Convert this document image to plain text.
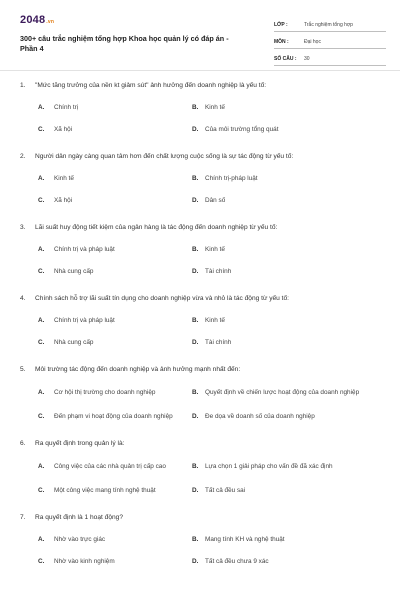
2048.vn
300+ câu trắc nghiệm tổng hợp Khoa học quản lý có đáp án - Phần 4
LỚP :	Trắc nghiệm tổng hợp
MÔN :	Đại học
SỐ CÂU :	30
1.	"Mức tăng trưởng của nền kt giảm sút" ảnh hưởng đến doanh nghiệp là yếu tố:
A.	Chính trị	B.	Kinh tế
C.	Xã hội	D.	Của môi trường tổng quát
2.	Người dân ngày càng quan tâm hơn đến chất lượng cuộc sống là sự tác động từ yếu tố:
A.	Kinh tế	B.	Chính trị-pháp luật
C.	Xã hội	D.	Dân số
3.	Lãi suất huy động tiết kiệm của ngân hàng là tác động đến doanh nghiệp từ yếu tố:
A.	Chính trị và pháp luật	B.	Kinh tế
C.	Nhà cung cấp	D.	Tài chính
4.	Chính sách hỗ trợ lãi suất tín dụng cho doanh nghiệp vừa và nhỏ là tác động từ yếu tố:
A.	Chính trị và pháp luật	B.	Kinh tế
C.	Nhà cung cấp	D.	Tài chính
5.	Môi trường tác động đến doanh nghiệp và ảnh hưởng mạnh nhất đến:
A.	Cơ hội thị trường cho doanh nghiệp	B.	Quyết định về chiến lược hoạt động của doanh nghiệp
C.	Đến phạm vi hoạt động của doanh nghiệp	D.	Đe dọa về doanh số của doanh nghiệp
6.	Ra quyết định trong quản lý là:
A.	Công việc của các nhà quản trị cấp cao	B.	Lựa chọn 1 giải pháp cho vấn đề đã xác định
C.	Một công việc mang tính nghệ thuật	D.	Tất cả đều sai
7.	Ra quyết định là 1 hoạt động?
A.	Nhờ vào trực giác	B.	Mang tính KH và nghệ thuật
C.	Nhờ vào kinh nghiệm	D.	Tất cả đều chưa 9 xác
